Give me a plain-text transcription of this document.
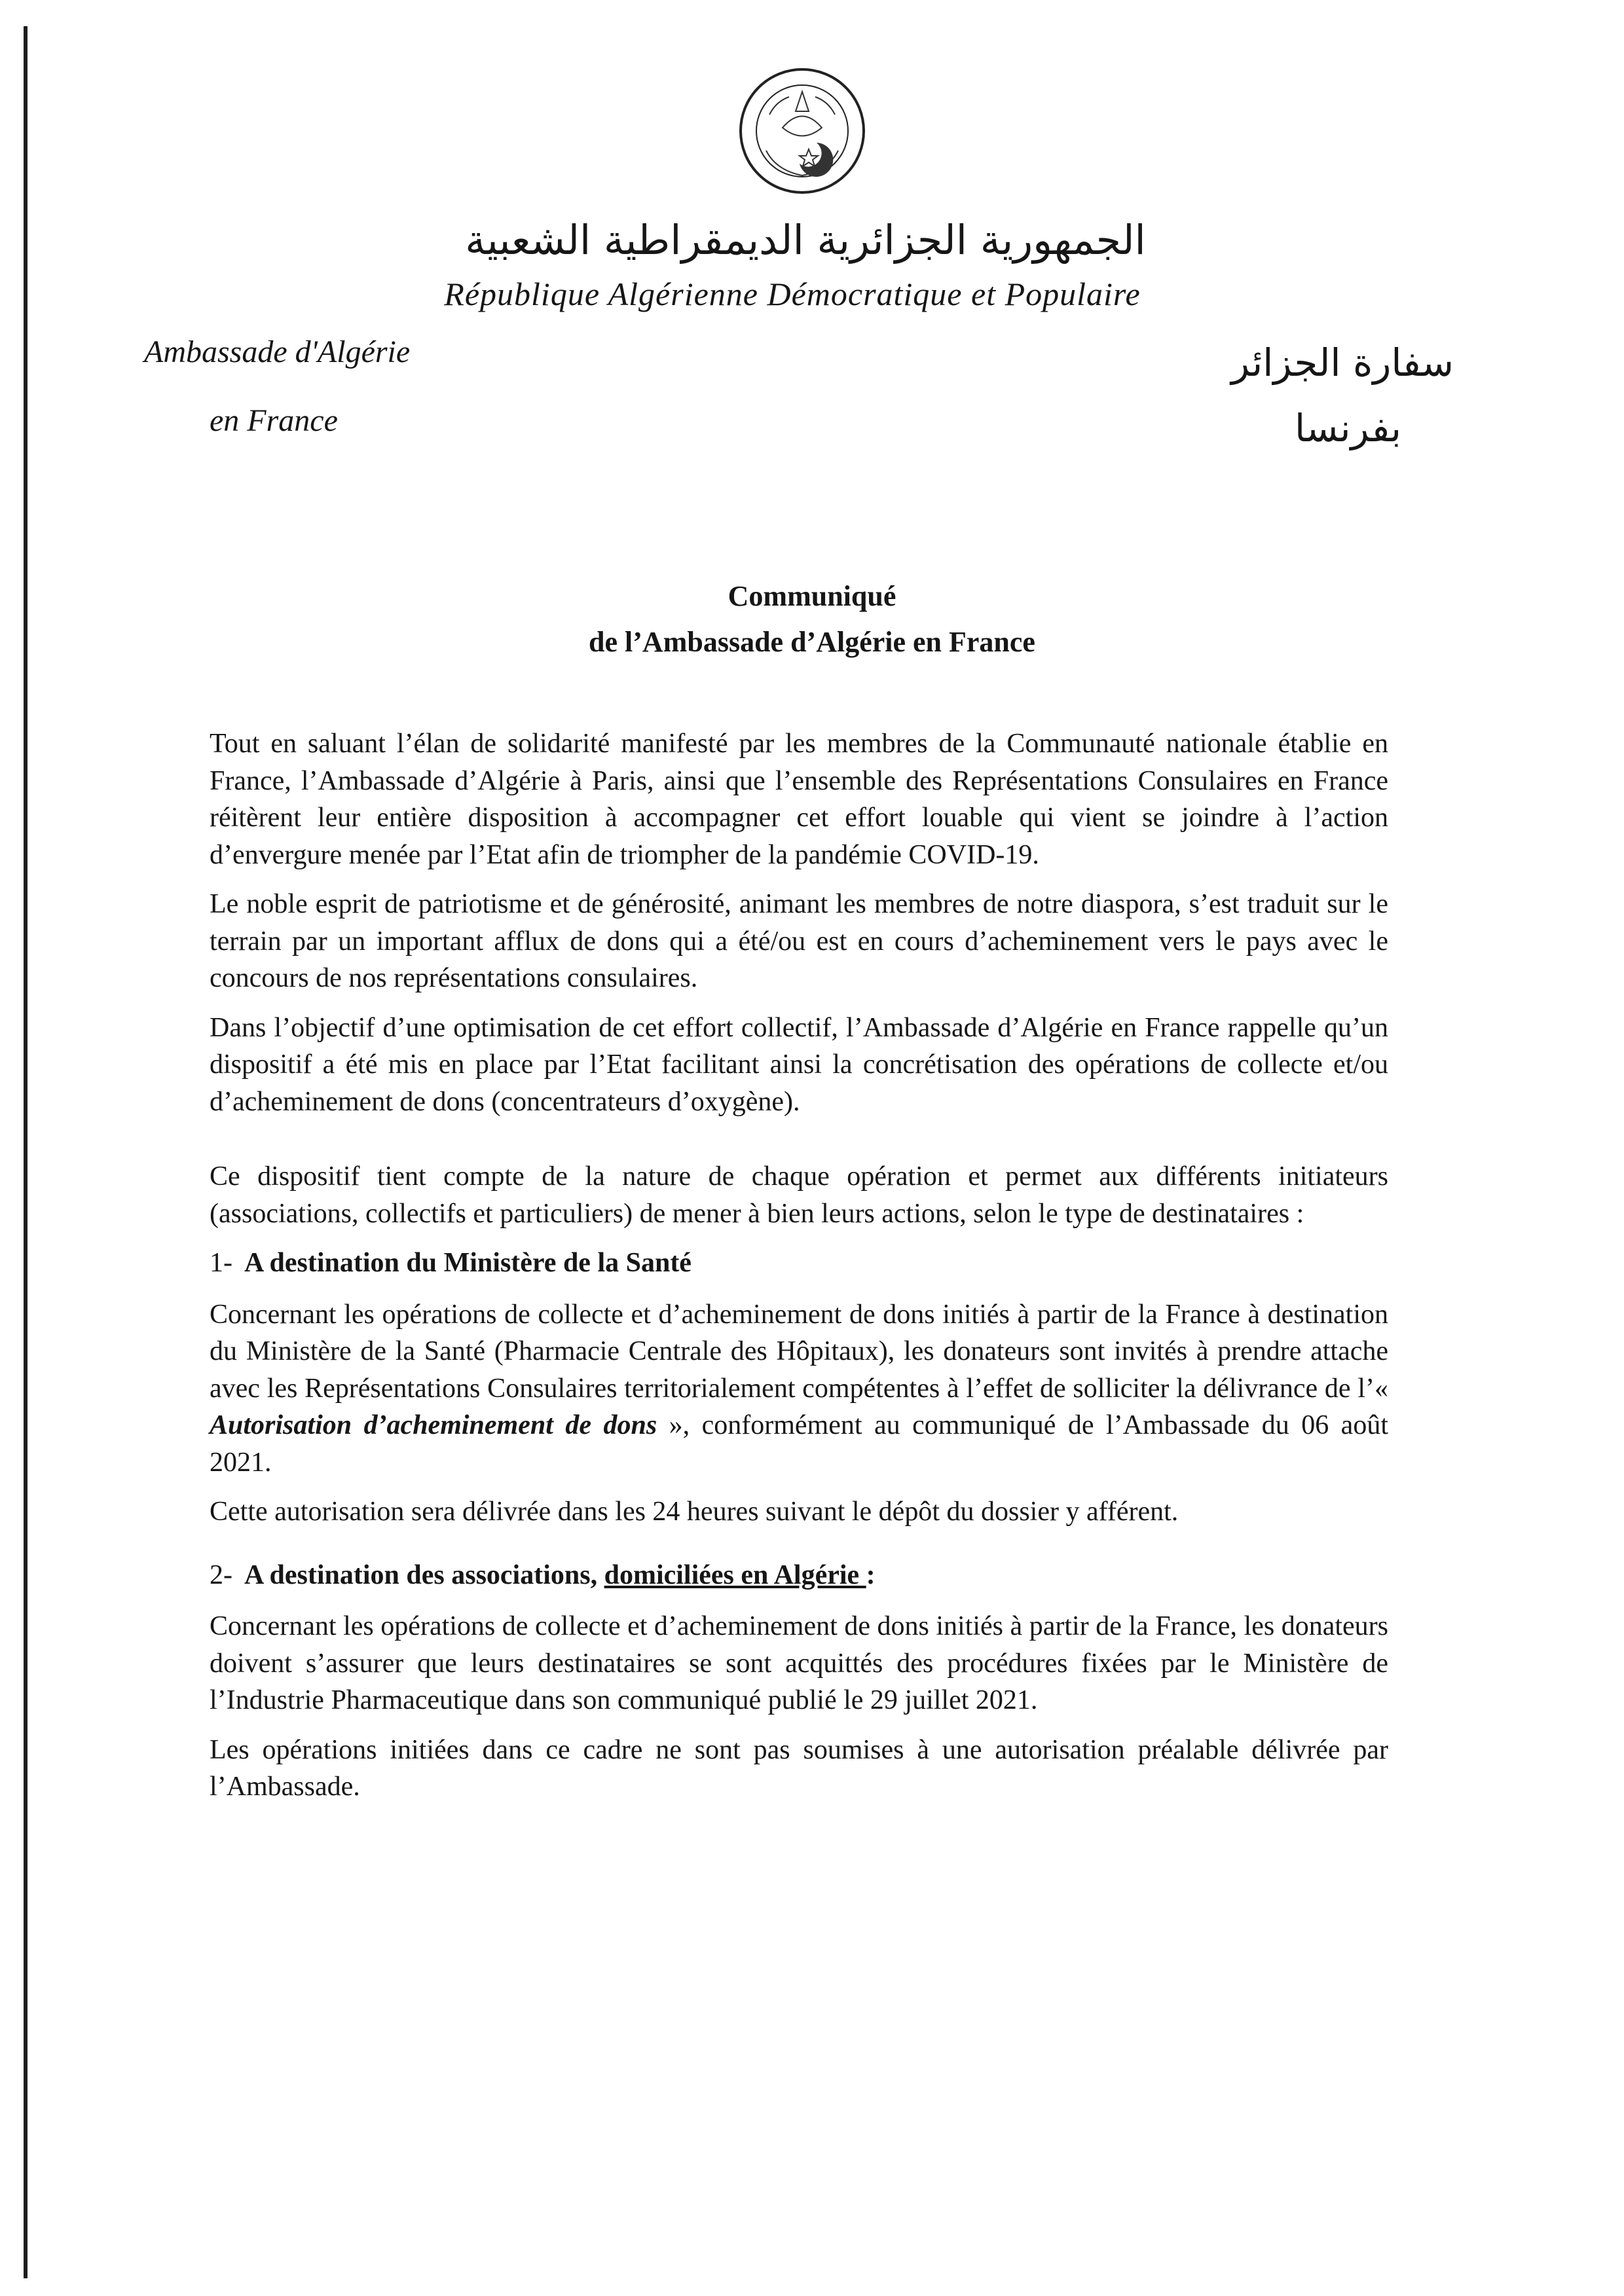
الجمهورية الجزائرية الديمقراطية الشعبية
République Algérienne Démocratique et Populaire
Ambassade d'Algérie
en France
سفارة الجزائر
بفرنسا
Communiqué
de l’Ambassade d’Algérie en France

Tout en saluant l’élan de solidarité manifesté par les membres de la Communauté nationale établie en France, l’Ambassade d’Algérie à Paris, ainsi que l’ensemble des Représentations Consulaires en France réitèrent leur entière disposition à accompagner cet effort louable qui vient se joindre à l’action d’envergure menée par l’Etat afin de triompher de la pandémie COVID-19.

Le noble esprit de patriotisme et de générosité, animant les membres de notre diaspora, s’est traduit sur le terrain par un important afflux de dons qui a été/ou est en cours d’acheminement vers le pays avec le concours de nos représentations consulaires.

Dans l’objectif d’une optimisation de cet effort collectif, l’Ambassade d’Algérie en France rappelle qu’un dispositif a été mis en place par l’Etat facilitant ainsi la concrétisation des opérations de collecte et/ou d’acheminement de dons (concentrateurs d’oxygène).

Ce dispositif tient compte de la nature de chaque opération et permet aux différents initiateurs (associations, collectifs et particuliers) de mener à bien leurs actions, selon le type de destinataires :

1- A destination du Ministère de la Santé

Concernant les opérations de collecte et d’acheminement de dons initiés à partir de la France à destination du Ministère de la Santé (Pharmacie Centrale des Hôpitaux), les donateurs sont invités à prendre attache avec les Représentations Consulaires territorialement compétentes à l’effet de solliciter la délivrance de l’« Autorisation d’acheminement de dons », conformément au communiqué de l’Ambassade du 06 août 2021.

Cette autorisation sera délivrée dans les 24 heures suivant le dépôt du dossier y afférent.

2- A destination des associations, domiciliées en Algérie :

Concernant les opérations de collecte et d’acheminement de dons initiés à partir de la France, les donateurs doivent s’assurer que leurs destinataires se sont acquittés des procédures fixées par le Ministère de l’Industrie Pharmaceutique dans son communiqué publié le 29 juillet 2021.

Les opérations initiées dans ce cadre ne sont pas soumises à une autorisation préalable délivrée par l’Ambassade.
